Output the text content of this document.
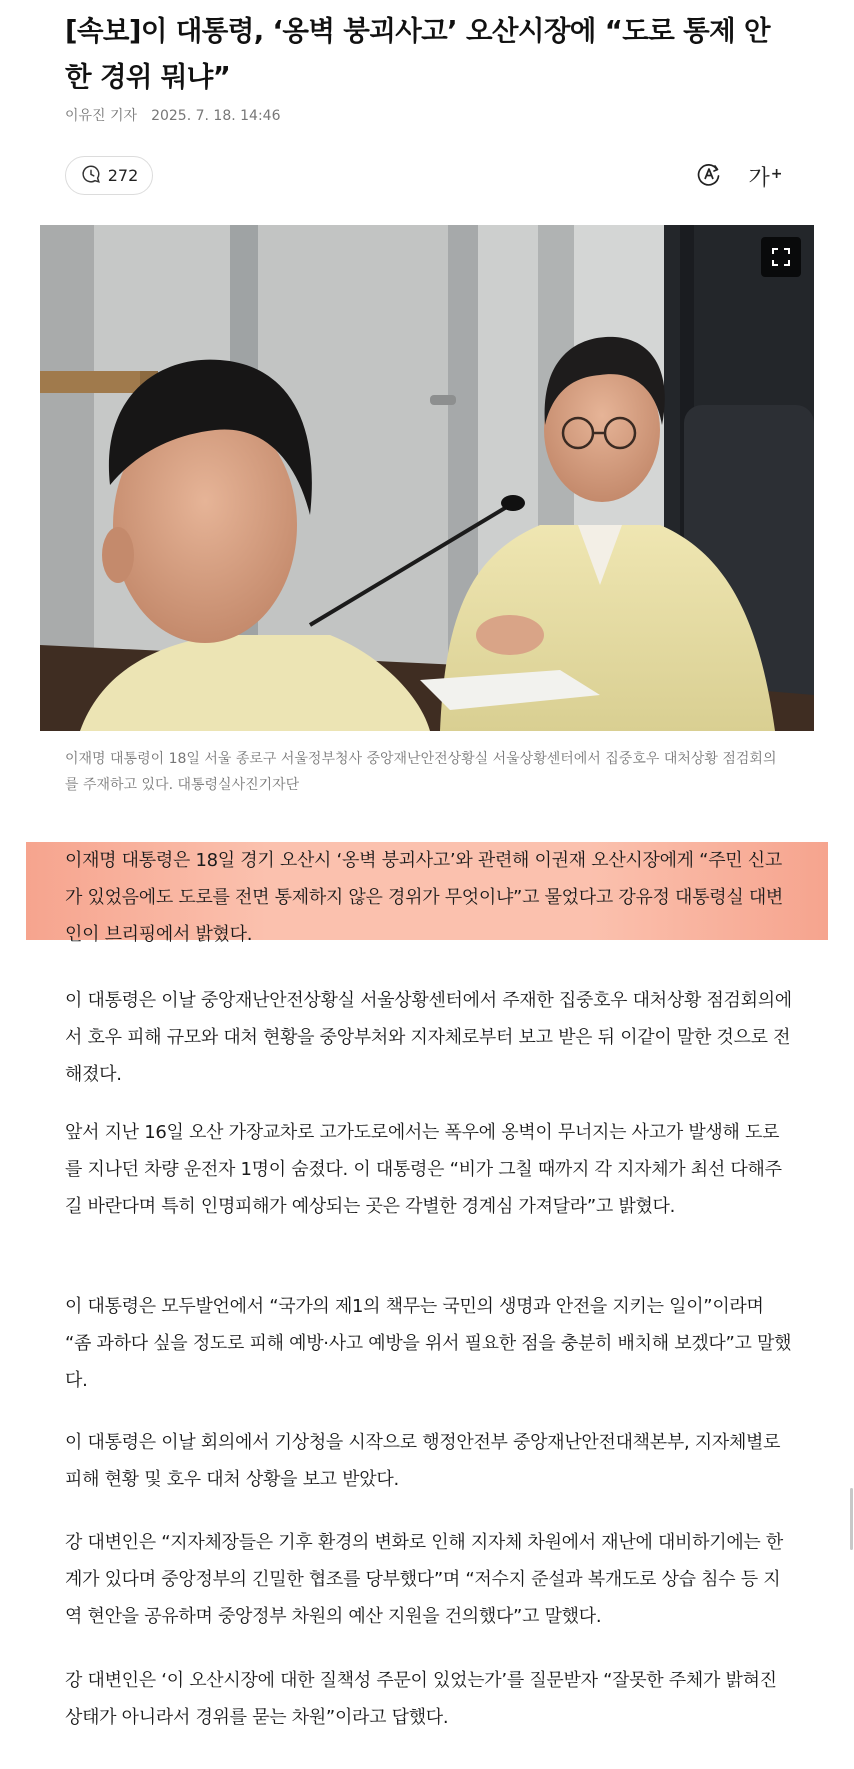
[속보]이 대통령, ‘옹벽 붕괴사고’ 오산시장에 “도로 통제 안 한 경위 뭐냐”
이유진 기자 2025. 7. 18. 14:46
272	가+

이재명 대통령이 18일 서울 종로구 서울정부청사 중앙재난안전상황실 서울상황센터에서 집중호우 대처상황 점검회의를 주재하고 있다. 대통령실사진기자단

이재명 대통령은 18일 경기 오산시 ‘옹벽 붕괴사고’와 관련해 이권재 오산시장에게 “주민 신고가 있었음에도 도로를 전면 통제하지 않은 경위가 무엇이냐”고 물었다고 강유정 대통령실 대변인이 브리핑에서 밝혔다.

이 대통령은 이날 중앙재난안전상황실 서울상황센터에서 주재한 집중호우 대처상황 점검회의에서 호우 피해 규모와 대처 현황을 중앙부처와 지자체로부터 보고 받은 뒤 이같이 말한 것으로 전해졌다.

앞서 지난 16일 오산 가장교차로 고가도로에서는 폭우에 옹벽이 무너지는 사고가 발생해 도로를 지나던 차량 운전자 1명이 숨졌다. 이 대통령은 “비가 그칠 때까지 각 지자체가 최선 다해주길 바란다며 특히 인명피해가 예상되는 곳은 각별한 경계심 가져달라”고 밝혔다.

이 대통령은 모두발언에서 “국가의 제1의 책무는 국민의 생명과 안전을 지키는 일이”이라며 “좀 과하다 싶을 정도로 피해 예방·사고 예방을 위서 필요한 점을 충분히 배치해 보겠다”고 말했다.

이 대통령은 이날 회의에서 기상청을 시작으로 행정안전부 중앙재난안전대책본부, 지자체별로 피해 현황 및 호우 대처 상황을 보고 받았다.

강 대변인은 “지자체장들은 기후 환경의 변화로 인해 지자체 차원에서 재난에 대비하기에는 한계가 있다며 중앙정부의 긴밀한 협조를 당부했다”며 “저수지 준설과 복개도로 상습 침수 등 지역 현안을 공유하며 중앙정부 차원의 예산 지원을 건의했다”고 말했다.

강 대변인은 ‘이 오산시장에 대한 질책성 주문이 있었는가’를 질문받자 “잘못한 주체가 밝혀진 상태가 아니라서 경위를 묻는 차원”이라고 답했다.
